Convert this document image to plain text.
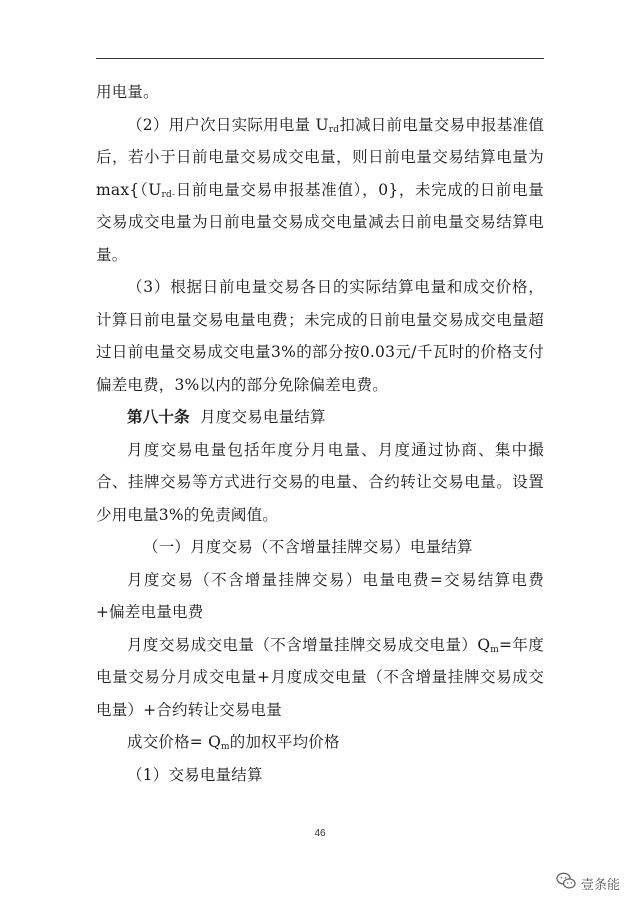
用电量。

（2）用户次日实际用电量 $U_{rd}$扣减日前电量交易申报基准值后，若小于日前电量交易成交电量，则日前电量交易结算电量为 $\max\{(U_{rd-}$日前电量交易申报基准值），0}，未完成的日前电量交易成交电量为日前电量交易成交电量减去日前电量交易结算电量。

（3）根据日前电量交易各日的实际结算电量和成交价格，计算日前电量交易电量电费；未完成的日前电量交易成交电量超过日前电量交易成交电量3%的部分按0.03元/千瓦时的价格支付偏差电费，3%以内的部分免除偏差电费。

第八十条 月度交易电量结算

月度交易电量包括年度分月电量、月度通过协商、集中撮合、挂牌交易等方式进行交易的电量、合约转让交易电量。设置少用电量3%的免责阈值。

（一）月度交易（不含增量挂牌交易）电量结算

月度交易（不含增量挂牌交易）电量电费=交易结算电费+偏差电量电费

月度交易成交电量（不含增量挂牌交易成交电量）$Q_m=$年度电量交易分月成交电量+月度成交电量（不含增量挂牌交易成交电量）+合约转让交易电量

成交价格= $Q_m$的加权平均价格

（1）交易电量结算

46
壹条能
